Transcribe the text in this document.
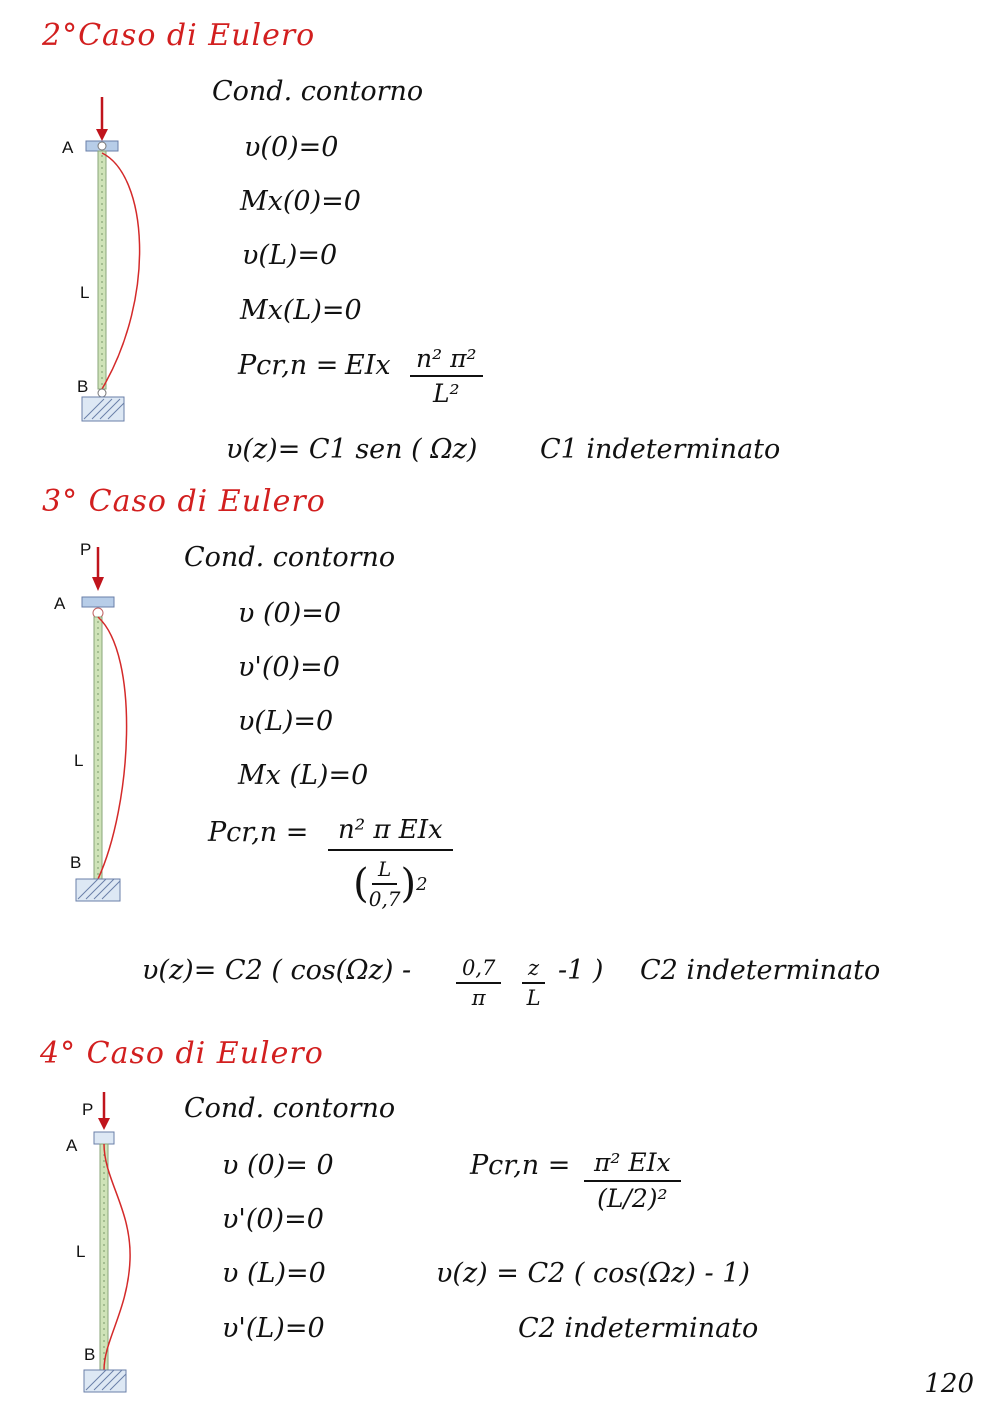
2°Caso di Eulero
A
L
B
Cond. contorno
υ(0)=0
Mx(0)=0
υ(L)=0
Mx(L)=0
Pcr,n = EIx $\frac{\text{n² π²}}{\text{L²}}$
υ(z)= C1 sen ( Ωz) C1 indeterminato
3° Caso di Eulero
P
A
L
B
Cond. contorno
υ (0)=0
υ'(0)=0
υ(L)=0
Mx (L)=0
Pcr,n =	n² π EIx
( $\frac{L}{0,7}$ ) 2
υ(z)= C2 ( $\cos(\Omega z) - \frac{0,7}{\pi} \frac{z}{L} -1$ ) C2 indeterminato
4° Caso di Eulero
P
A
L
B
Cond. contorno
υ (0)= 0
υ'(0)=0
υ (L)=0
υ'(L)=0
Pcr,n = π² EIx
(L/2)²
υ(z) = C2 ( cos(Ωz) - 1)
C2 indeterminato
120
